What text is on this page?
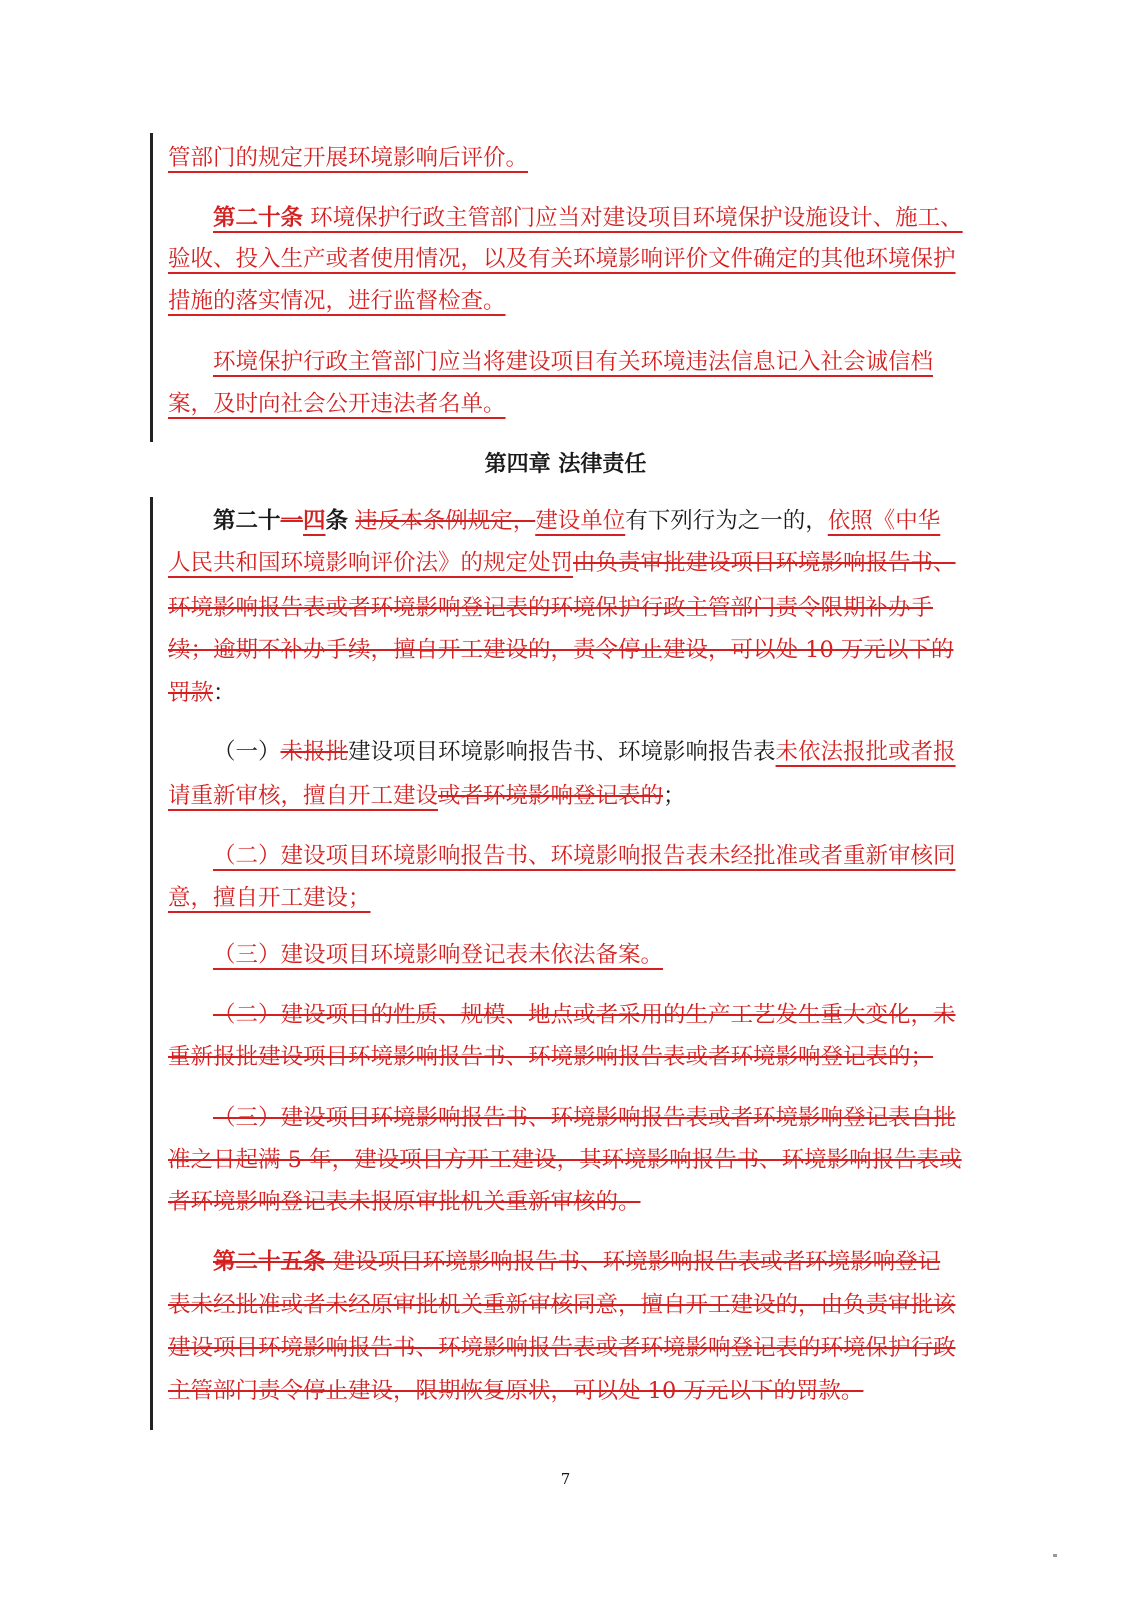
管部门的规定开展环境影响后评价。
第二十条 环境保护行政主管部门应当对建设项目环境保护设施设计、施工、
验收、投入生产或者使用情况，以及有关环境影响评价文件确定的其他环境保护
措施的落实情况，进行监督检查。
环境保护行政主管部门应当将建设项目有关环境违法信息记入社会诚信档
案，及时向社会公开违法者名单。
第四章 法律责任
第二十一四条 违反本条例规定，建设单位有下列行为之一的，依照《中华
人民共和国环境影响评价法》的规定处罚由负责审批建设项目环境影响报告书、
环境影响报告表或者环境影响登记表的环境保护行政主管部门责令限期补办手
续；逾期不补办手续，擅自开工建设的，责令停止建设，可以处 10 万元以下的
罚款：
（一）未报批建设项目环境影响报告书、环境影响报告表未依法报批或者报
请重新审核，擅自开工建设或者环境影响登记表的；
（二）建设项目环境影响报告书、环境影响报告表未经批准或者重新审核同
意，擅自开工建设；
（三）建设项目环境影响登记表未依法备案。
（二）建设项目的性质、规模、地点或者采用的生产工艺发生重大变化，未
重新报批建设项目环境影响报告书、环境影响报告表或者环境影响登记表的；
（三）建设项目环境影响报告书、环境影响报告表或者环境影响登记表自批
准之日起满 5 年，建设项目方开工建设，其环境影响报告书、环境影响报告表或
者环境影响登记表未报原审批机关重新审核的。
第二十五条 建设项目环境影响报告书、环境影响报告表或者环境影响登记
表未经批准或者未经原审批机关重新审核同意，擅自开工建设的，由负责审批该
建设项目环境影响报告书、环境影响报告表或者环境影响登记表的环境保护行政
主管部门责令停止建设，限期恢复原状，可以处 10 万元以下的罚款。
7
